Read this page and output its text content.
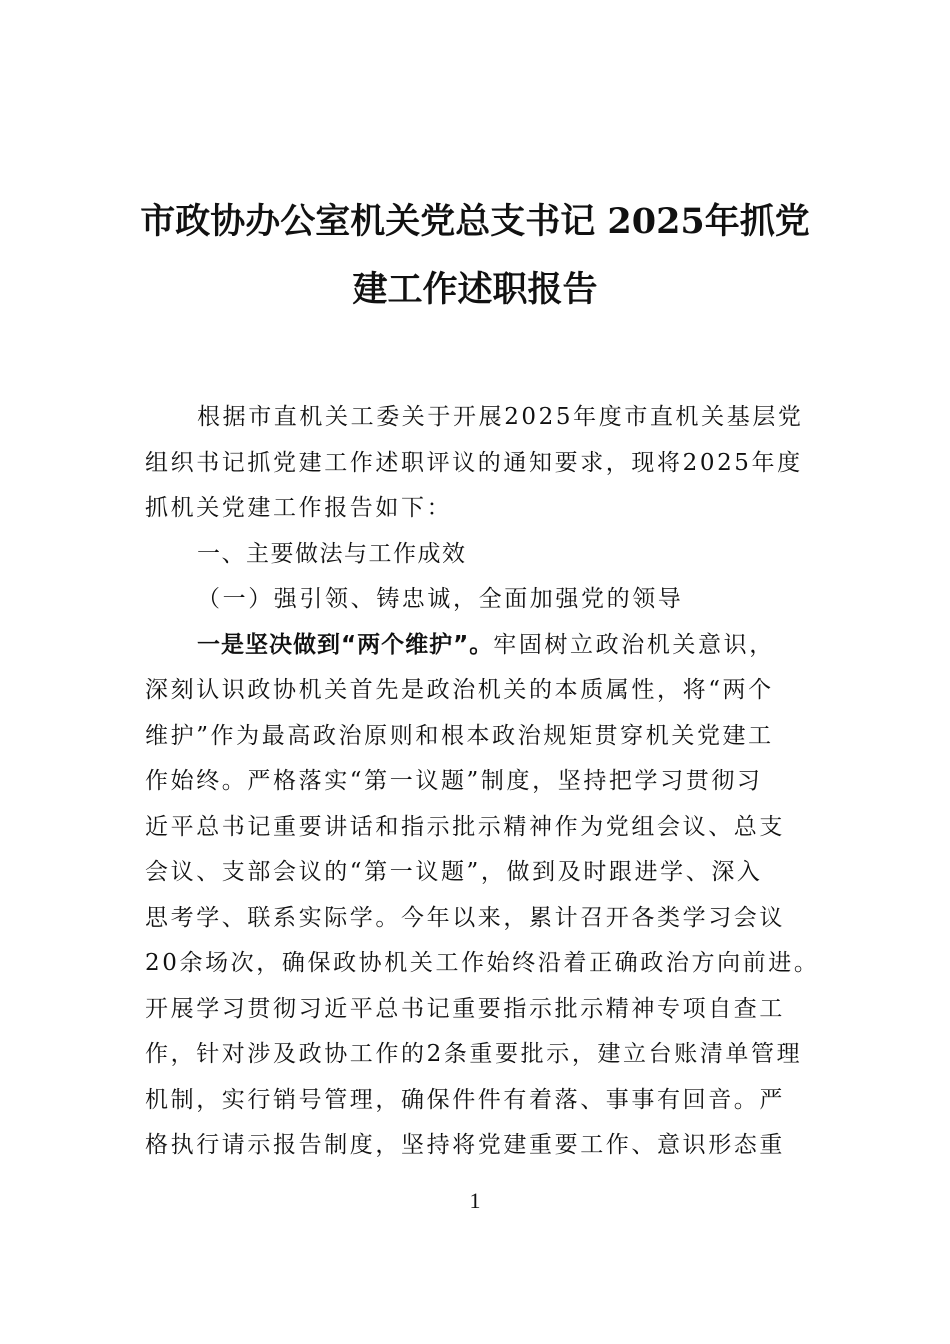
市政协办公室机关党总支书记 2025年抓党
建工作述职报告
根据市直机关工委关于开展2025年度市直机关基层党
组织书记抓党建工作述职评议的通知要求，现将2025年度
抓机关党建工作报告如下：
一、主要做法与工作成效
（一）强引领、铸忠诚，全面加强党的领导
一是坚决做到“两个维护”。牢固树立政治机关意识，
深刻认识政协机关首先是政治机关的本质属性，将“两个
维护”作为最高政治原则和根本政治规矩贯穿机关党建工
作始终。严格落实“第一议题”制度，坚持把学习贯彻习
近平总书记重要讲话和指示批示精神作为党组会议、总支
会议、支部会议的“第一议题”，做到及时跟进学、深入
思考学、联系实际学。今年以来，累计召开各类学习会议
20余场次，确保政协机关工作始终沿着正确政治方向前进。
开展学习贯彻习近平总书记重要指示批示精神专项自查工
作，针对涉及政协工作的2条重要批示，建立台账清单管理
机制，实行销号管理，确保件件有着落、事事有回音。严
格执行请示报告制度，坚持将党建重要工作、意识形态重
1
